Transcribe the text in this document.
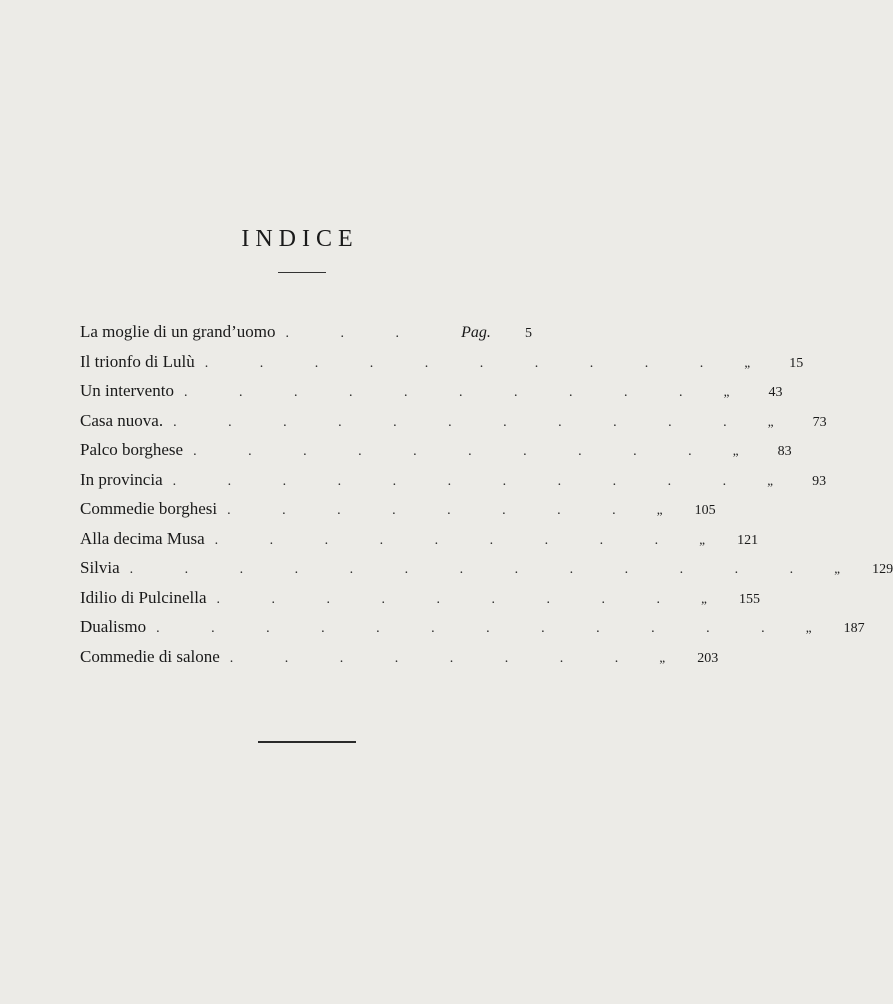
INDICE
La moglie di un grand’uomo . . .	Pag.	5
Il trionfo di Lulù . . . . . . . . . .	„	15
Un intervento . . . . . . . . . .	„	43
Casa nuova. . . . . . . . . . . .	„	73
Palco borghese . . . . . . . . . .	„	83
In provincia . . . . . . . . . . .	„	93
Commedie borghesi . . . . . . . .	„	105
Alla decima Musa . . . . . . . . .	„	121
Silvia . . . . . . . . . . . . .	„	129
Idilio di Pulcinella . . . . . . . . .	„	155
Dualismo . . . . . . . . . . . .	„	187
Commedie di salone . . . . . . . .	„	203
